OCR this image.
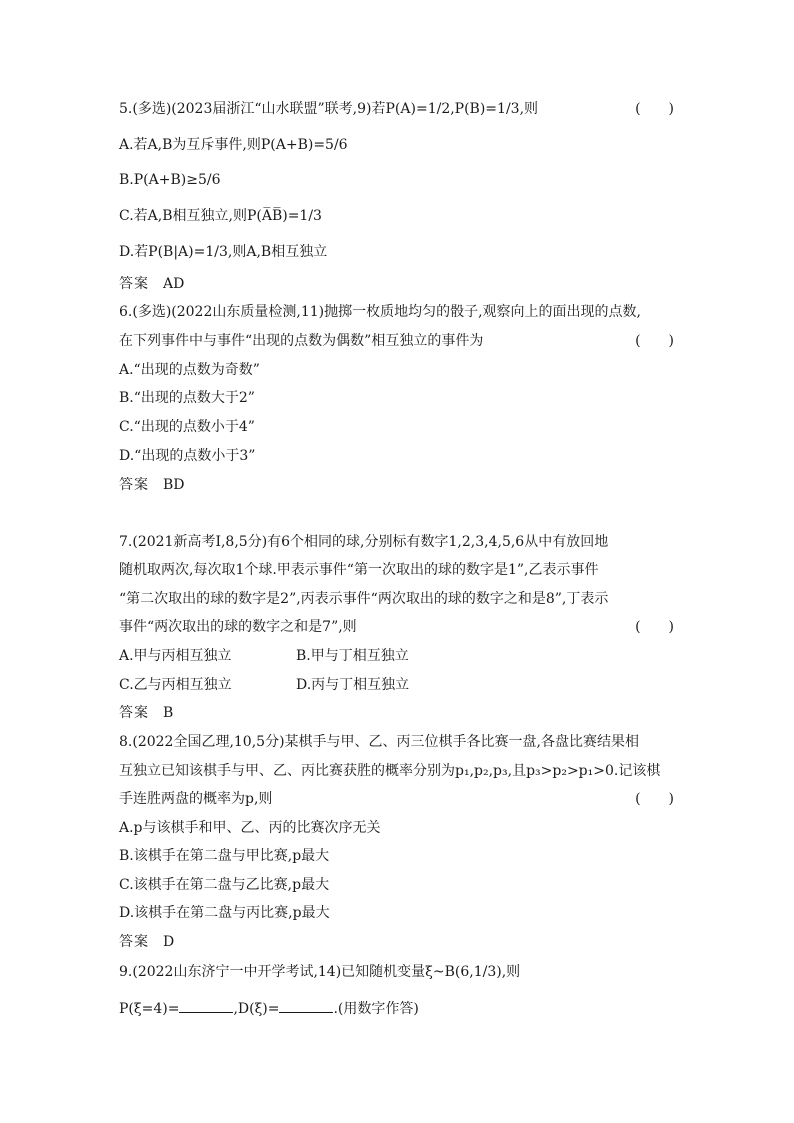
5.(多选)(2023届浙江“山水联盟”联考,9)若P(A)=1/2,P(B)=1/3,则	(　　)
A.若A,B为互斥事件,则P(A+B)=5/6
B.P(A+B)≥5/6
C.若A,B相互独立,则P(A̅B̅)=1/3
D.若P(B|A)=1/3,则A,B相互独立
答案 AD
6.(多选)(2022山东质量检测,11)抛掷一枚质地均匀的骰子,观察向上的面出现的点数,
在下列事件中与事件“出现的点数为偶数”相互独立的事件为	(　　)
A.“出现的点数为奇数”
B.“出现的点数大于2”
C.“出现的点数小于4”
D.“出现的点数小于3”
答案 BD
7.(2021新高考Ⅰ,8,5分)有6个相同的球,分别标有数字1,2,3,4,5,6从中有放回地
随机取两次,每次取1个球.甲表示事件“第一次取出的球的数字是1”,乙表示事件
“第二次取出的球的数字是2”,丙表示事件“两次取出的球的数字之和是8”,丁表示
事件“两次取出的球的数字之和是7”,则	(　　)
A.甲与丙相互独立	B.甲与丁相互独立
C.乙与丙相互独立	D.丙与丁相互独立
答案 B
8.(2022全国乙理,10,5分)某棋手与甲、乙、丙三位棋手各比赛一盘,各盘比赛结果相
互独立已知该棋手与甲、乙、丙比赛获胜的概率分别为p₁,p₂,p₃,且p₃>p₂>p₁>0.记该棋
手连胜两盘的概率为p,则	(　　)
A.p与该棋手和甲、乙、丙的比赛次序无关
B.该棋手在第二盘与甲比赛,p最大
C.该棋手在第二盘与乙比赛,p最大
D.该棋手在第二盘与丙比赛,p最大
答案 D
9.(2022山东济宁一中开学考试,14)已知随机变量ξ~B(6,1/3),则
P(ξ=4)=	,D(ξ)=	.(用数字作答)
